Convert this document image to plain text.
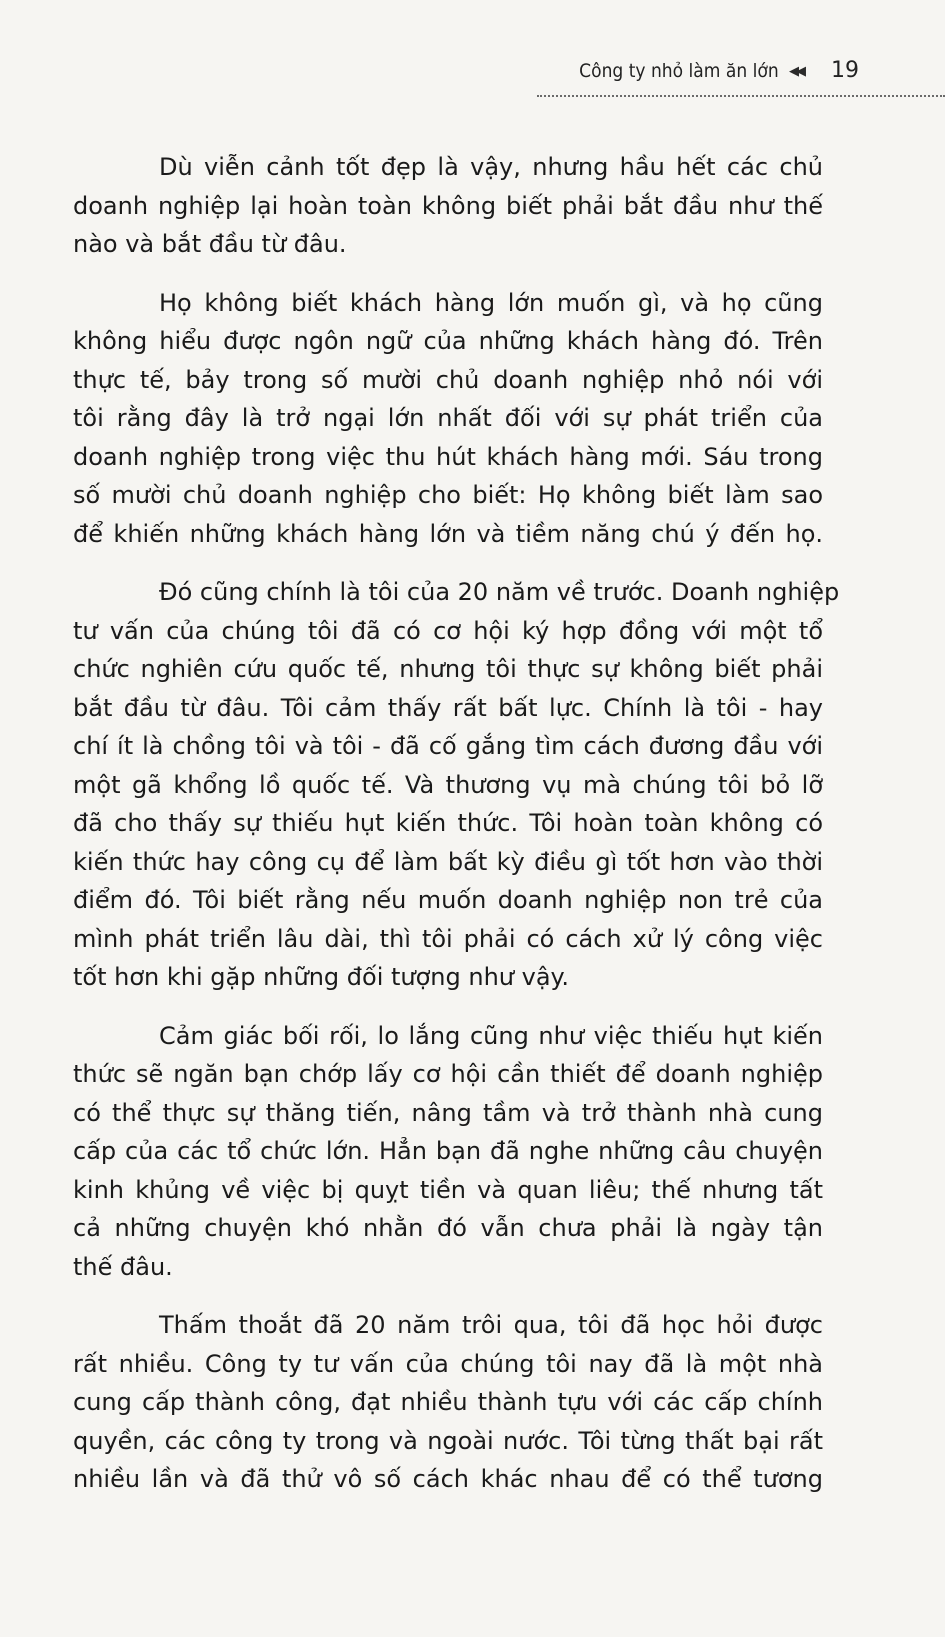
Công ty nhỏ làm ăn lớn ◀◀ 19

Dù viễn cảnh tốt đẹp là vậy, nhưng hầu hết các chủ
doanh nghiệp lại hoàn toàn không biết phải bắt đầu như thế
nào và bắt đầu từ đâu.

Họ không biết khách hàng lớn muốn gì, và họ cũng
không hiểu được ngôn ngữ của những khách hàng đó. Trên
thực tế, bảy trong số mười chủ doanh nghiệp nhỏ nói với
tôi rằng đây là trở ngại lớn nhất đối với sự phát triển của
doanh nghiệp trong việc thu hút khách hàng mới. Sáu trong
số mười chủ doanh nghiệp cho biết: Họ không biết làm sao
để khiến những khách hàng lớn và tiềm năng chú ý đến họ.

Đó cũng chính là tôi của 20 năm về trước. Doanh nghiệp
tư vấn của chúng tôi đã có cơ hội ký hợp đồng với một tổ
chức nghiên cứu quốc tế, nhưng tôi thực sự không biết phải
bắt đầu từ đâu. Tôi cảm thấy rất bất lực. Chính là tôi - hay
chí ít là chồng tôi và tôi - đã cố gắng tìm cách đương đầu với
một gã khổng lồ quốc tế. Và thương vụ mà chúng tôi bỏ lỡ
đã cho thấy sự thiếu hụt kiến thức. Tôi hoàn toàn không có
kiến thức hay công cụ để làm bất kỳ điều gì tốt hơn vào thời
điểm đó. Tôi biết rằng nếu muốn doanh nghiệp non trẻ của
mình phát triển lâu dài, thì tôi phải có cách xử lý công việc
tốt hơn khi gặp những đối tượng như vậy.

Cảm giác bối rối, lo lắng cũng như việc thiếu hụt kiến
thức sẽ ngăn bạn chớp lấy cơ hội cần thiết để doanh nghiệp
có thể thực sự thăng tiến, nâng tầm và trở thành nhà cung
cấp của các tổ chức lớn. Hẳn bạn đã nghe những câu chuyện
kinh khủng về việc bị quỵt tiền và quan liêu; thế nhưng tất
cả những chuyện khó nhằn đó vẫn chưa phải là ngày tận
thế đâu.

Thấm thoắt đã 20 năm trôi qua, tôi đã học hỏi được
rất nhiều. Công ty tư vấn của chúng tôi nay đã là một nhà
cung cấp thành công, đạt nhiều thành tựu với các cấp chính
quyền, các công ty trong và ngoài nước. Tôi từng thất bại rất
nhiều lần và đã thử vô số cách khác nhau để có thể tương
